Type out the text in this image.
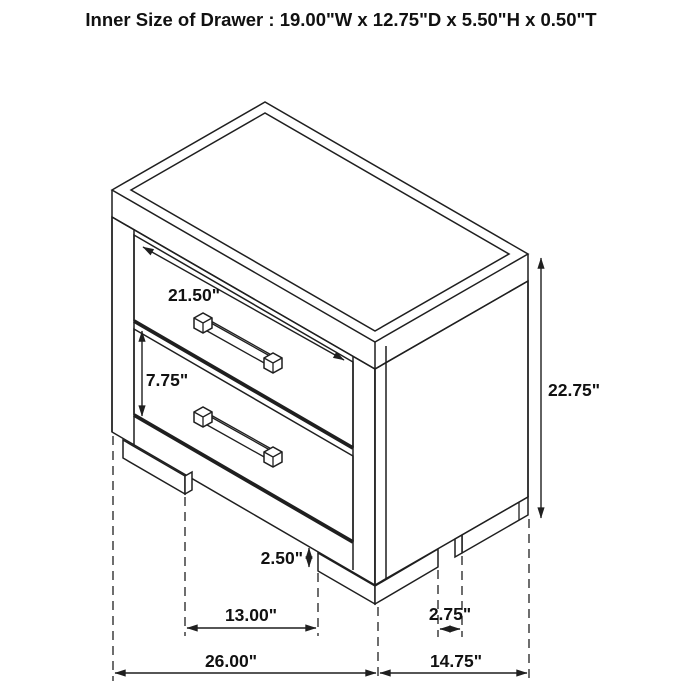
Inner Size of Drawer : 19.00"W x 12.75"D x 5.50"H x 0.50"T
21.50"
7.75"	22.75"
2.50"
13.00"
26.00"
2.75"
14.75"
